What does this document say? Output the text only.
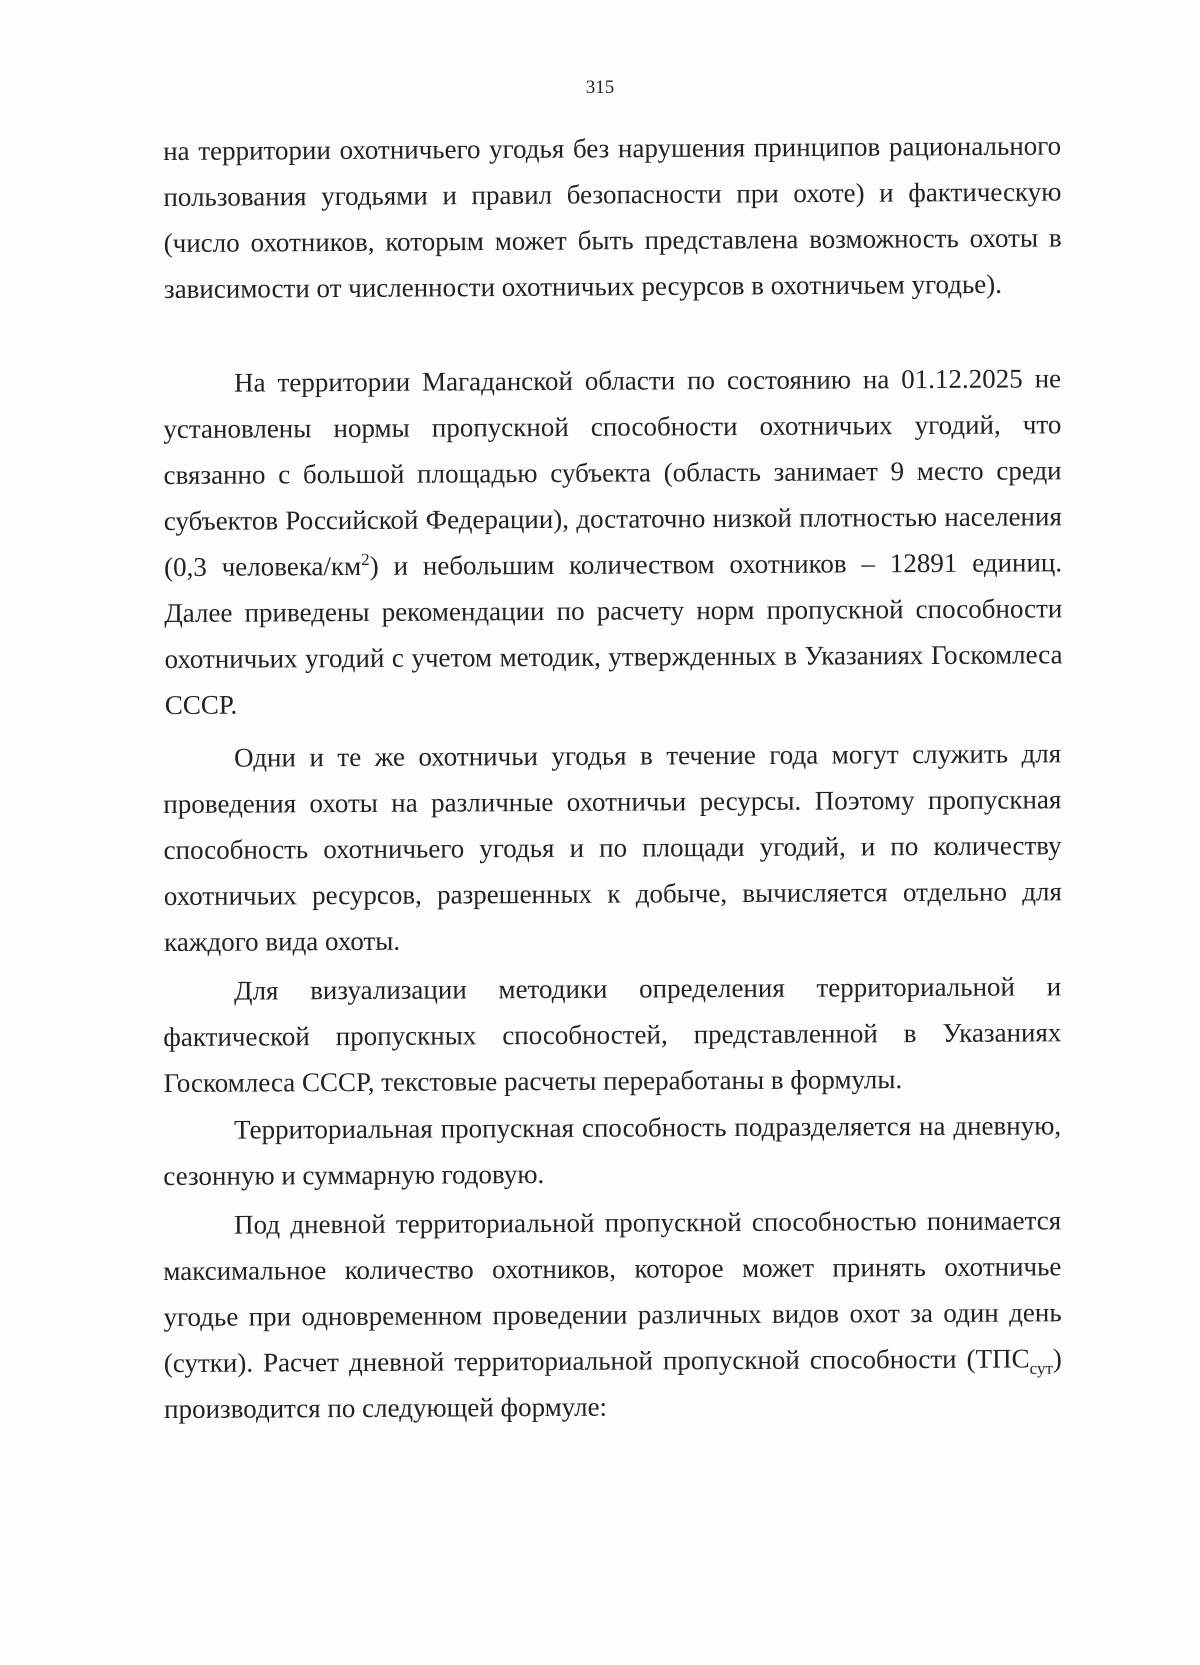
315

на территории охотничьего угодья без нарушения принципов рационального пользования угодьями и правил безопасности при охоте) и фактическую (число охотников, которым может быть представлена возможность охоты в зависимости от численности охотничьих ресурсов в охотничьем угодье).

На территории Магаданской области по состоянию на 01.12.2025 не установлены нормы пропускной способности охотничьих угодий, что связанно с большой площадью субъекта (область занимает 9 место среди субъектов Российской Федерации), достаточно низкой плотностью населения (0,3 человека/$км^2$) и небольшим количеством охотников – 12891 единиц. Далее приведены рекомендации по расчету норм пропускной способности охотничьих угодий с учетом методик, утвержденных в Указаниях Госкомлеса СССР.

Одни и те же охотничьи угодья в течение года могут служить для проведения охоты на различные охотничьи ресурсы. Поэтому пропускная способность охотничьего угодья и по площади угодий, и по количеству охотничьих ресурсов, разрешенных к добыче, вычисляется отдельно для каждого вида охоты.

Для визуализации методики определения территориальной и фактической пропускных способностей, представленной в Указаниях Госкомлеса СССР, текстовые расчеты переработаны в формулы.

Территориальная пропускная способность подразделяется на дневную, сезонную и суммарную годовую.

Под дневной территориальной пропускной способностью понимается максимальное количество охотников, которое может принять охотничье угодье при одновременном проведении различных видов охот за один день (сутки). Расчет дневной территориальной пропускной способности $(ТПС_{сут})$ производится по следующей формуле:
